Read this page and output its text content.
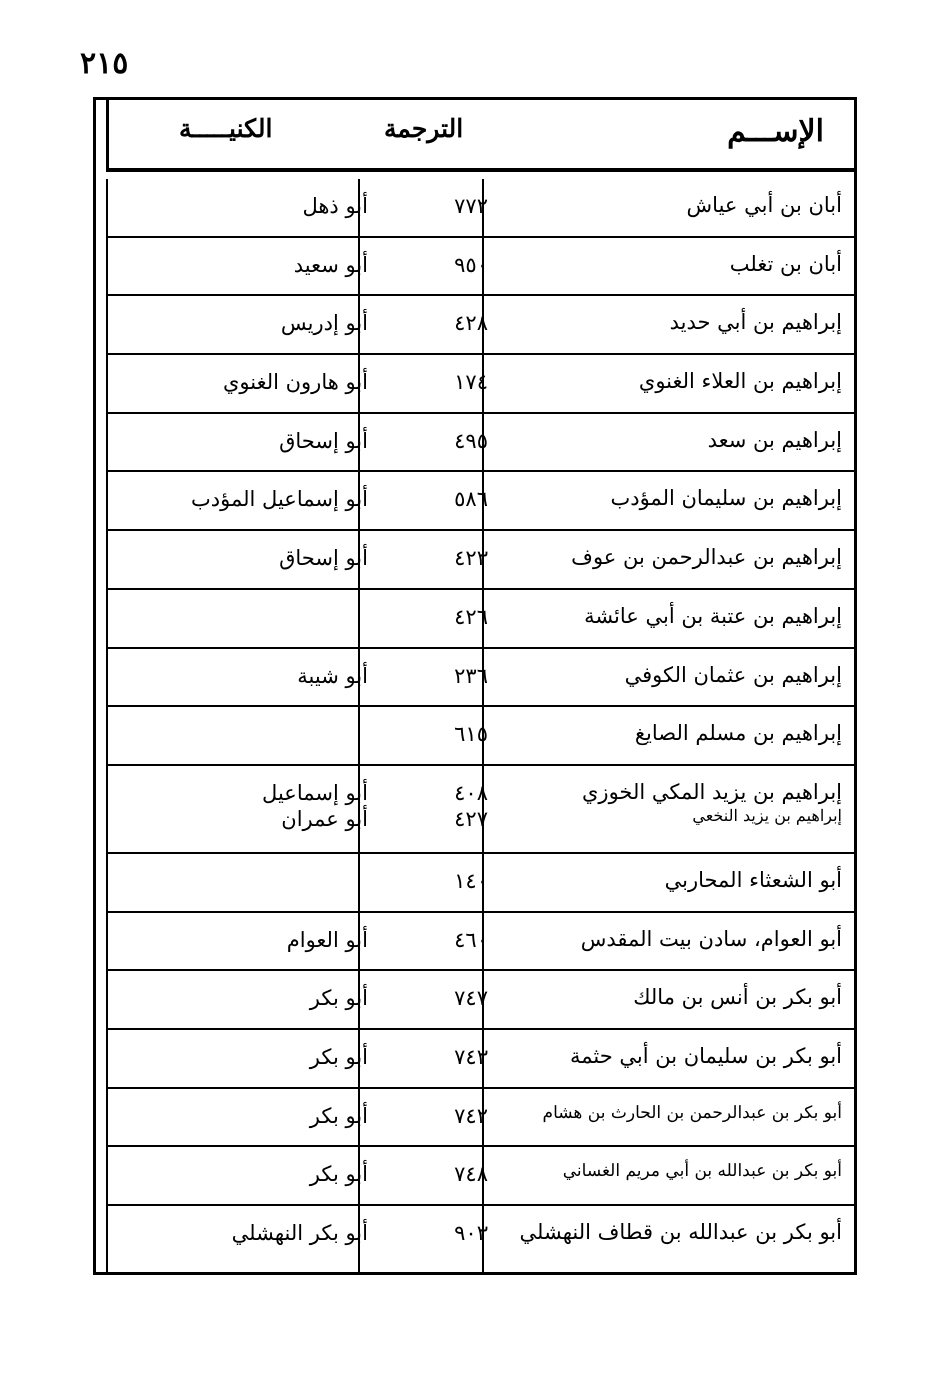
٢١٥
الإســـم
الترجمة
الكنيـــــة
أبان بن أبي عياش
٧٧٢
أبو ذهل
أبان بن تغلب
٩٥٠
أبو سعيد
إبراهيم بن أبي حديد
٤٢٨
أبو إدريس
إبراهيم بن العلاء الغنوي
١٧٤
أبو هارون الغنوي
إبراهيم بن سعد
٤٩٥
أبو إسحاق
إبراهيم بن سليمان المؤدب
٥٨٦
أبو إسماعيل المؤدب
إبراهيم بن عبدالرحمن بن عوف
٤٢٣
أبو إسحاق
إبراهيم بن عتبة بن أبي عائشة
٤٢٦
إبراهيم بن عثمان الكوفي
٢٣٦
أبو شيبة
إبراهيم بن مسلم الصايغ
٦١٥
إبراهيم بن يزيد المكي الخوزي
إبراهيم بن يزيد النخعي
٤٠٨
٤٢٧
أبو إسماعيل
أبو عمران
أبو الشعثاء المحاربي
١٤٠
أبو العوام، سادن بيت المقدس
٤٦٠
أبو العوام
أبو بكر بن أنس بن مالك
٧٤٧
أبو بكر
أبو بكر بن سليمان بن أبي حثمة
٧٤٣
أبو بكر
أبو بكر بن عبدالرحمن بن الحارث بن هشام
٧٤٢
أبو بكر
أبو بكر بن عبدالله بن أبي مريم الغساني
٧٤٨
أبو بكر
أبو بكر بن عبدالله بن قطاف النهشلي
٩٠٣
أبو بكر النهشلي
